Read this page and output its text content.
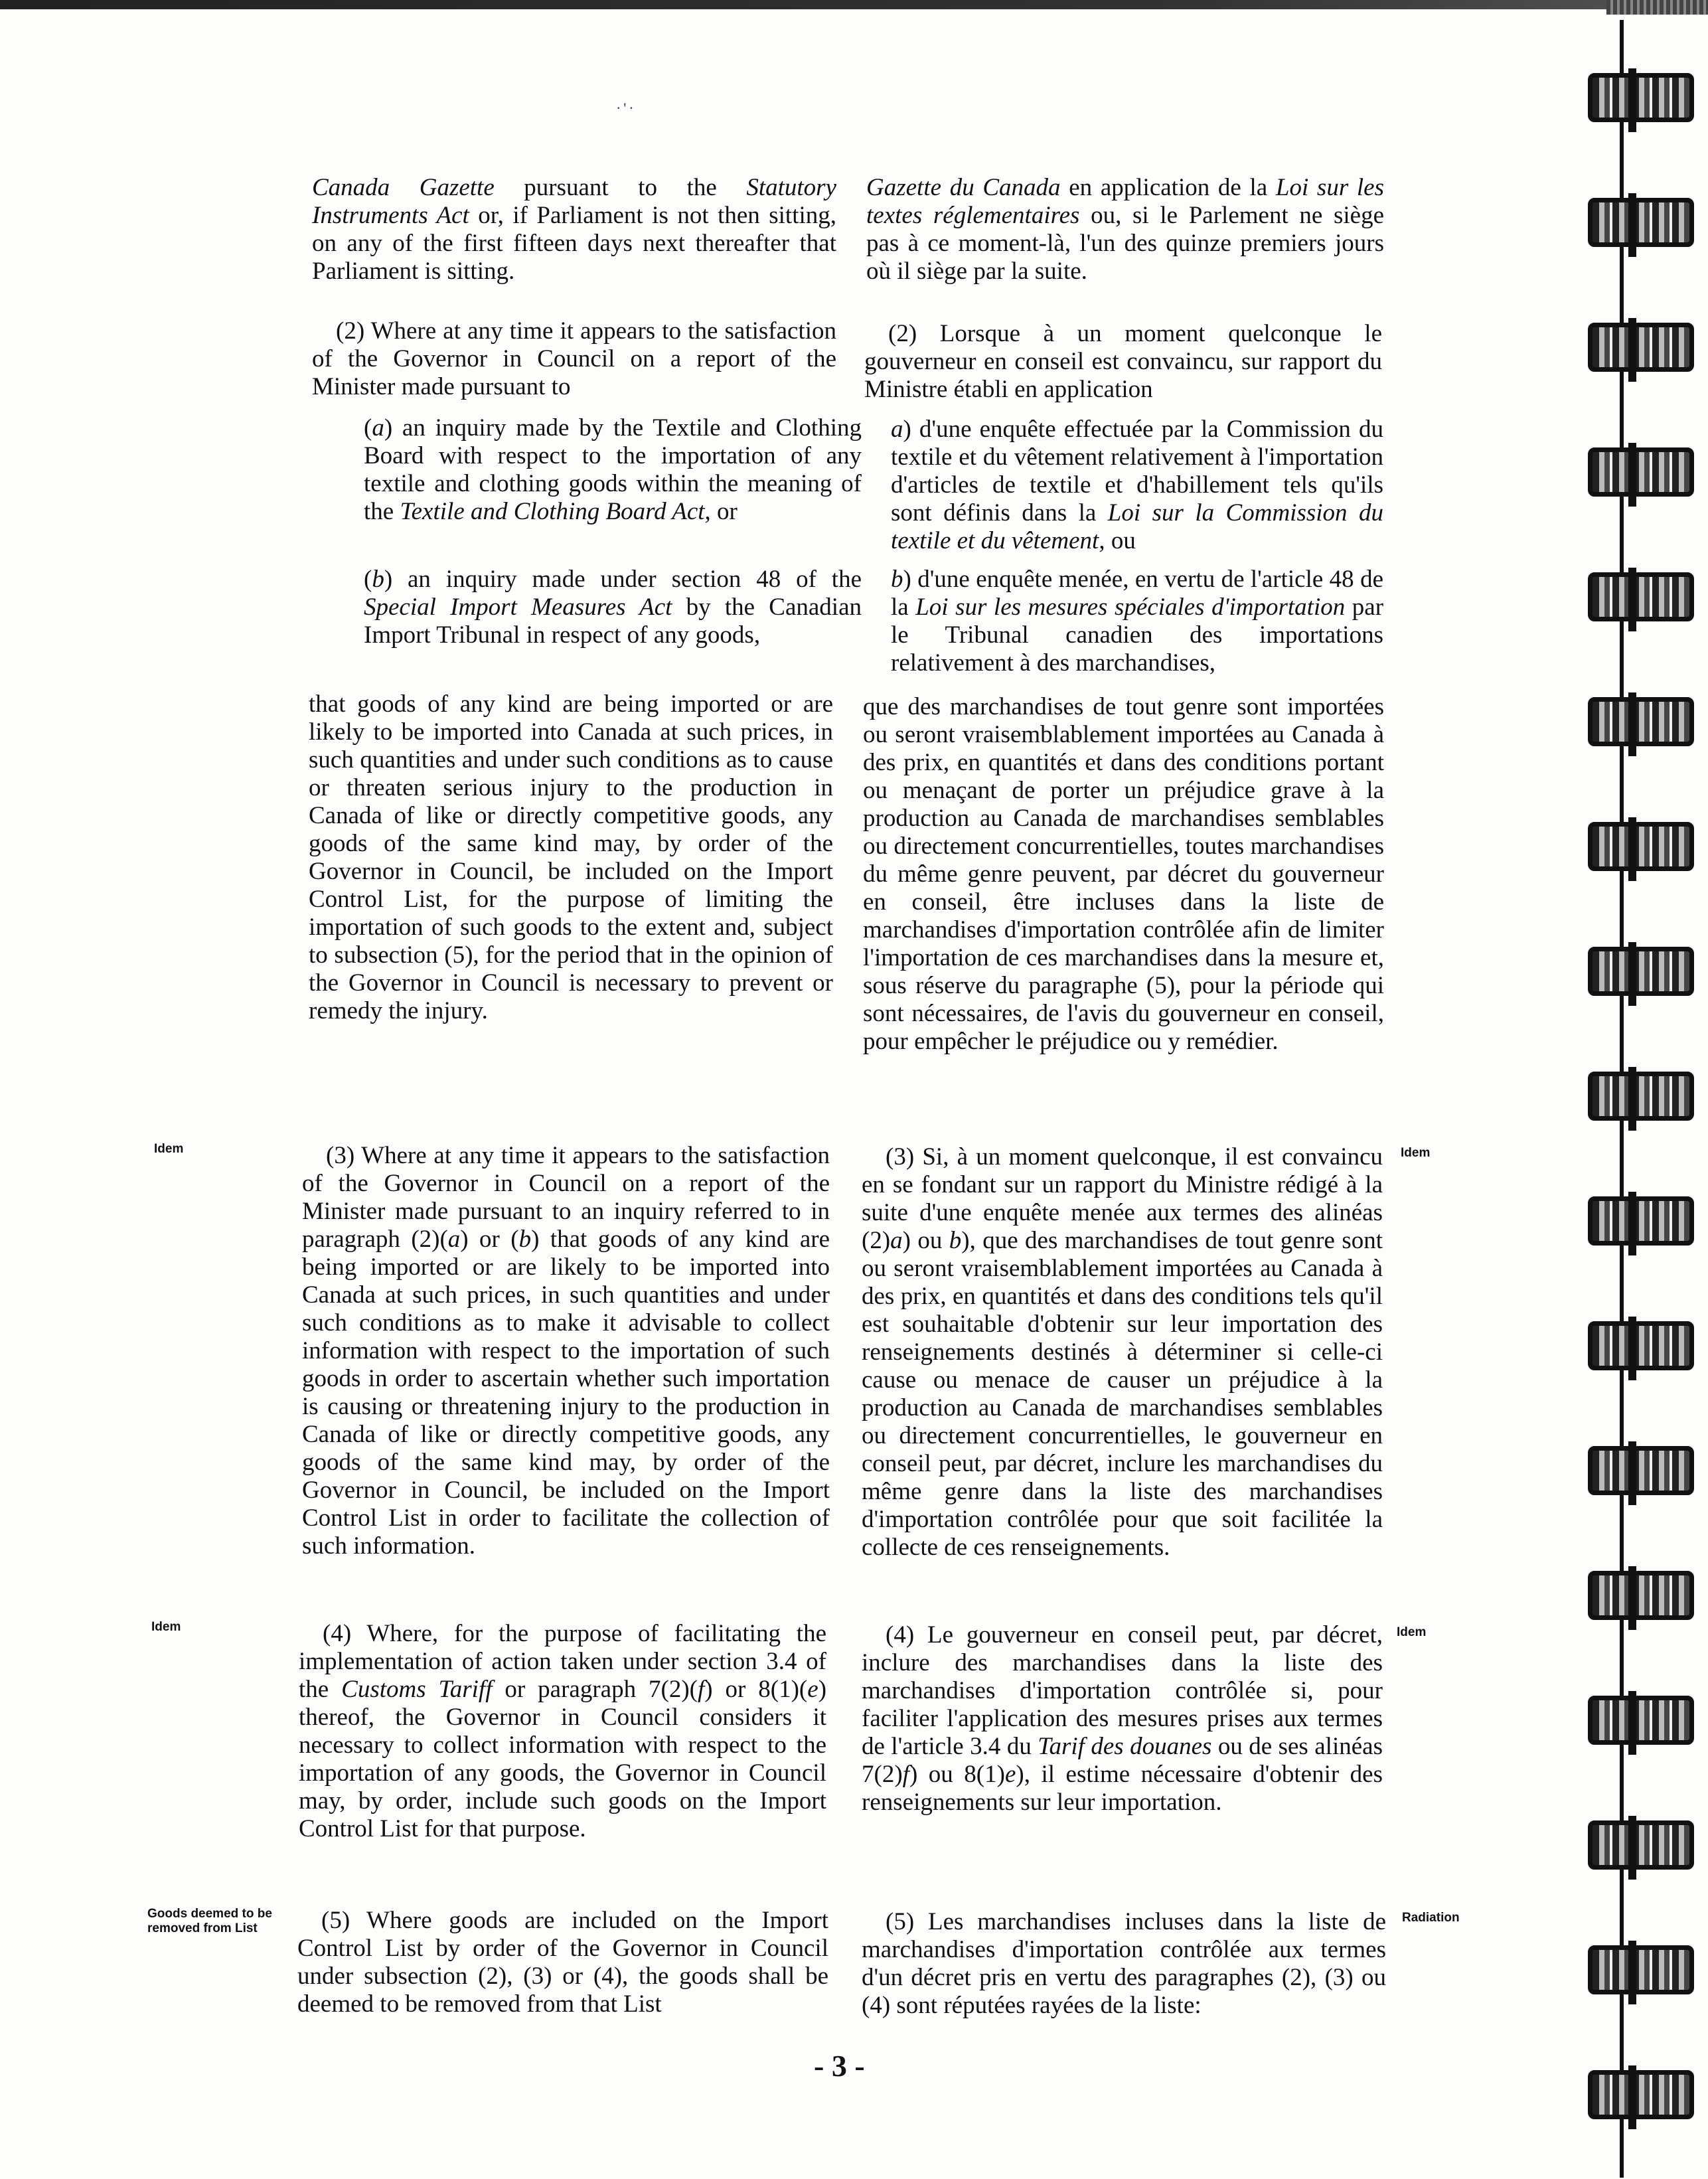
·'·

Canada Gazette pursuant to the Statutory Instruments Act or, if Parliament is not then sitting, on any of the first fifteen days next thereafter that Parliament is sitting.

(2) Where at any time it appears to the satisfaction of the Governor in Council on a report of the Minister made pursuant to

(a) an inquiry made by the Textile and Clothing Board with respect to the importation of any textile and clothing goods within the meaning of the Textile and Clothing Board Act, or

(b) an inquiry made under section 48 of the Special Import Measures Act by the Canadian Import Tribunal in respect of any goods,

that goods of any kind are being imported or are likely to be imported into Canada at such prices, in such quantities and under such conditions as to cause or threaten serious injury to the production in Canada of like or directly competitive goods, any goods of the same kind may, by order of the Governor in Council, be included on the Import Control List, for the purpose of limiting the importation of such goods to the extent and, subject to subsection (5), for the period that in the opinion of the Governor in Council is necessary to prevent or remedy the injury.
Idem	(3) Where at any time it appears to the satisfaction of the Governor in Council on a report of the Minister made pursuant to an inquiry referred to in paragraph (2)(a) or (b) that goods of any kind are being imported or are likely to be imported into Canada at such prices, in such quantities and under such conditions as to make it advisable to collect information with respect to the importation of such goods in order to ascertain whether such importation is causing or threatening injury to the production in Canada of like or directly competitive goods, any goods of the same kind may, by order of the Governor in Council, be included on the Import Control List in order to facilitate the collection of such information.

Idem	(4) Where, for the purpose of facilitating the implementation of action taken under section 3.4 of the Customs Tariff or paragraph 7(2)(f) or 8(1)(e) thereof, the Governor in Council considers it necessary to collect information with respect to the importation of any goods, the Governor in Council may, by order, include such goods on the Import Control List for that purpose.

Goods deemed to be removed from List	(5) Where goods are included on the Import Control List by order of the Governor in Council under subsection (2), (3) or (4), the goods shall be deemed to be removed from that List

Gazette du Canada en application de la Loi sur les textes réglementaires ou, si le Parlement ne siège pas à ce moment-là, l'un des quinze premiers jours où il siège par la suite.

(2) Lorsque à un moment quelconque le gouverneur en conseil est convaincu, sur rapport du Ministre établi en application

a) d'une enquête effectuée par la Commission du textile et du vêtement relativement à l'importation d'articles de textile et d'habillement tels qu'ils sont définis dans la Loi sur la Commission du textile et du vêtement, ou

b) d'une enquête menée, en vertu de l'article 48 de la Loi sur les mesures spéciales d'importation par le Tribunal canadien des importations relativement à des marchandises,

que des marchandises de tout genre sont importées ou seront vraisemblablement importées au Canada à des prix, en quantités et dans des conditions portant ou menaçant de porter un préjudice grave à la production au Canada de marchandises semblables ou directement concurrentielles, toutes marchandises du même genre peuvent, par décret du gouverneur en conseil, être incluses dans la liste de marchandises d'importation contrôlée afin de limiter l'importation de ces marchandises dans la mesure et, sous réserve du paragraphe (5), pour la période qui sont nécessaires, de l'avis du gouverneur en conseil, pour empêcher le préjudice ou y remédier.

(3) Si, à un moment quelconque, il est convaincu en se fondant sur un rapport du Ministre rédigé à la suite d'une enquête menée aux termes des alinéas (2)a) ou b), que des marchandises de tout genre sont ou seront vraisemblablement importées au Canada à des prix, en quantités et dans des conditions tels qu'il est souhaitable d'obtenir sur leur importation des renseignements destinés à déterminer si celle-ci cause ou menace de causer un préjudice à la production au Canada de marchandises semblables ou directement concurrentielles, le gouverneur en conseil peut, par décret, inclure les marchandises du même genre dans la liste des marchandises d'importation contrôlée pour que soit facilitée la collecte de ces renseignements.

Idem

(4) Le gouverneur en conseil peut, par décret, inclure des marchandises dans la liste des marchandises d'importation contrôlée si, pour faciliter l'application des mesures prises aux termes de l'article 3.4 du Tarif des douanes ou de ses alinéas 7(2)f) ou 8(1)e), il estime nécessaire d'obtenir des renseignements sur leur importation.

Idem
(5) Les marchandises incluses dans la liste de marchandises d'importation contrôlée aux termes d'un décret pris en vertu des paragraphes (2), (3) ou (4) sont réputées rayées de la liste:
Radiation
- 3 -
